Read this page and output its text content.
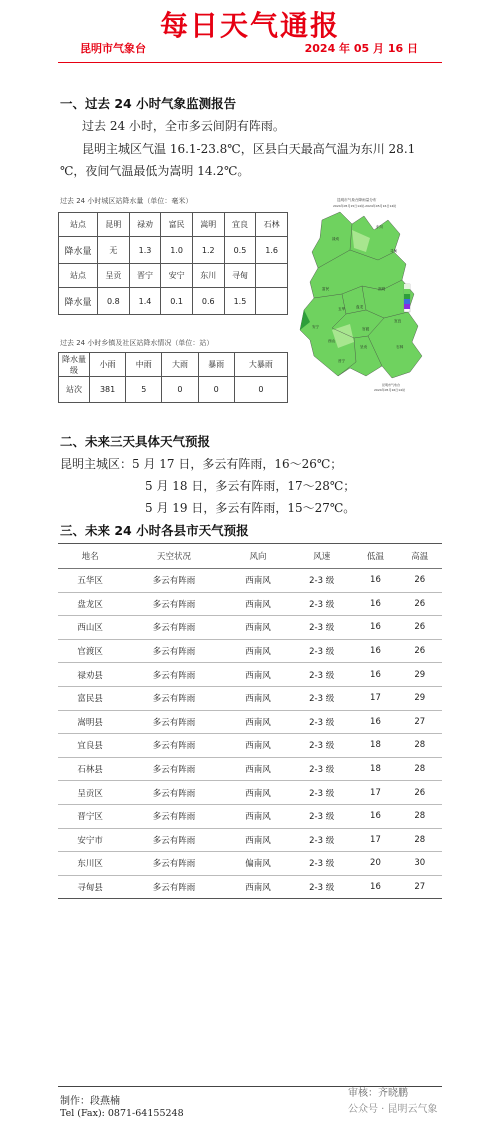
每日天气通报
昆明市气象台	2024 年 05 月 16 日
一、过去 24 小时气象监测报告
过去 24 小时，全市多云间阴有阵雨。
昆明主城区气温 16.1-23.8℃，区县白天最高气温为东川 28.1
℃，夜间气温最低为嵩明 14.2℃。
过去 24 小时城区站降水量（单位：毫米）
站点	昆明	禄劝	富民	嵩明	宜良	石林
降水量	无	1.3	1.0	1.2	0.5	1.6
站点	呈贡	晋宁	安宁	东川	寻甸	
降水量	0.8	1.4	0.1	0.6	1.5	
过去 24 小时乡镇及社区站降水情况（单位：站）
降水量级	小雨	中雨	大雨	暴雨	大暴雨
站次	381	5	0	0	0
昆明市气象台降雨量分布
2024年05月15日14时-2024年05月16日14时
禄劝
寻甸
东川
嵩明
富民
五华	盘龙
安宁	官渡
西山
呈贡
宜良
石林
晋宁
昆明市气象台
2024年05月16日14时
二、未来三天具体天气预报
昆明主城区：5 月 17 日，多云有阵雨，16～26℃；
5 月 18 日，多云有阵雨，17～28℃；
5 月 19 日，多云有阵雨，15～27℃。
三、未来 24 小时各县市天气预报
地名	天空状况	风向	风速	低温	高温
五华区	多云有阵雨	西南风	2-3 级	16	26
盘龙区	多云有阵雨	西南风	2-3 级	16	26
西山区	多云有阵雨	西南风	2-3 级	16	26
官渡区	多云有阵雨	西南风	2-3 级	16	26
禄劝县	多云有阵雨	西南风	2-3 级	16	29
富民县	多云有阵雨	西南风	2-3 级	17	29
嵩明县	多云有阵雨	西南风	2-3 级	16	27
宜良县	多云有阵雨	西南风	2-3 级	18	28
石林县	多云有阵雨	西南风	2-3 级	18	28
呈贡区	多云有阵雨	西南风	2-3 级	17	26
晋宁区	多云有阵雨	西南风	2-3 级	16	28
安宁市	多云有阵雨	西南风	2-3 级	17	28
东川区	多云有阵雨	偏南风	2-3 级	20	30
寻甸县	多云有阵雨	西南风	2-3 级	16	27
制作：段燕楠
Tel (Fax): 0871-64155248
审核：齐晓鹏
公众号 · 昆明云气象
